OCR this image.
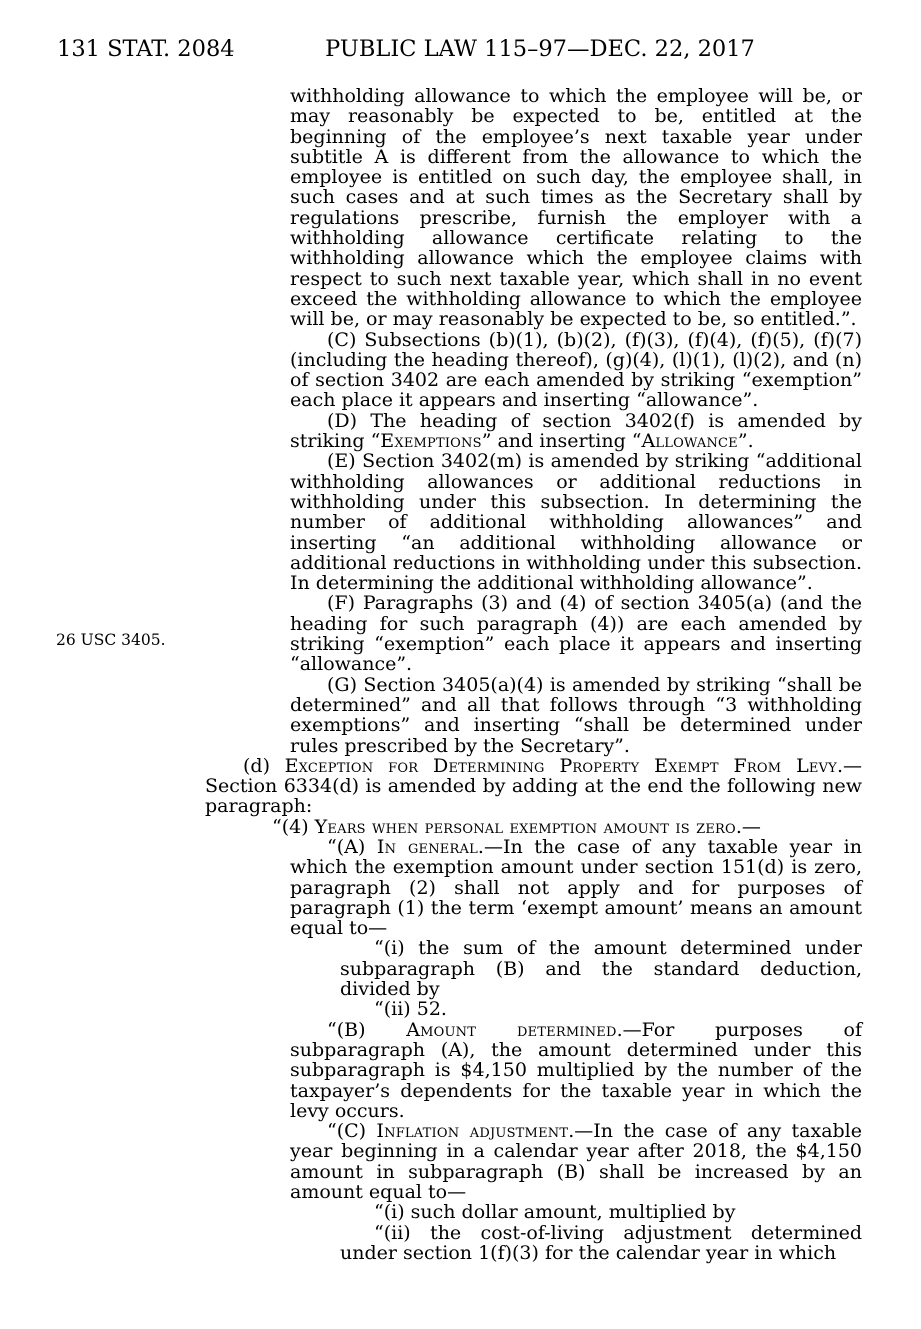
131 STAT. 2084	PUBLIC LAW 115–97—DEC. 22, 2017
26 USC 3405.

withholding allowance to which the employee will be, or may reasonably be expected to be, entitled at the beginning of the employee’s next taxable year under subtitle A is different from the allowance to which the employee is entitled on such day, the employee shall, in such cases and at such times as the Secretary shall by regulations prescribe, furnish the employer with a withholding allowance certificate relating to the withholding allowance which the employee claims with respect to such next taxable year, which shall in no event exceed the withholding allowance to which the employee will be, or may reasonably be expected to be, so entitled.”.

(C) Subsections (b)(1), (b)(2), (f)(3), (f)(4), (f)(5), (f)(7) (including the heading thereof), (g)(4), (l)(1), (l)(2), and (n) of section 3402 are each amended by striking “exemption” each place it appears and inserting “allowance”.

(D) The heading of section 3402(f) is amended by striking “Exemptions” and inserting “Allowance”.

(E) Section 3402(m) is amended by striking “additional withholding allowances or additional reductions in withholding under this subsection. In determining the number of additional withholding allowances” and inserting “an additional withholding allowance or additional reductions in withholding under this subsection. In determining the additional withholding allowance”.

(F) Paragraphs (3) and (4) of section 3405(a) (and the heading for such paragraph (4)) are each amended by striking “exemption” each place it appears and inserting “allowance”.

(G) Section 3405(a)(4) is amended by striking “shall be determined” and all that follows through “3 withholding exemptions” and inserting “shall be determined under rules prescribed by the Secretary”.

(d) Exception for Determining Property Exempt From Levy.—Section 6334(d) is amended by adding at the end the following new paragraph:

“(4) Years when personal exemption amount is zero.—

“(A) In general.—In the case of any taxable year in which the exemption amount under section 151(d) is zero, paragraph (2) shall not apply and for purposes of paragraph (1) the term ‘exempt amount’ means an amount equal to—

“(i) the sum of the amount determined under subparagraph (B) and the standard deduction, divided by

“(ii) 52.

“(B) Amount determined.—For purposes of subparagraph (A), the amount determined under this subparagraph is $4,150 multiplied by the number of the taxpayer’s dependents for the taxable year in which the levy occurs.

“(C) Inflation adjustment.—In the case of any taxable year beginning in a calendar year after 2018, the $4,150 amount in subparagraph (B) shall be increased by an amount equal to—

“(i) such dollar amount, multiplied by

“(ii) the cost-of-living adjustment determined under section 1(f)(3) for the calendar year in which
